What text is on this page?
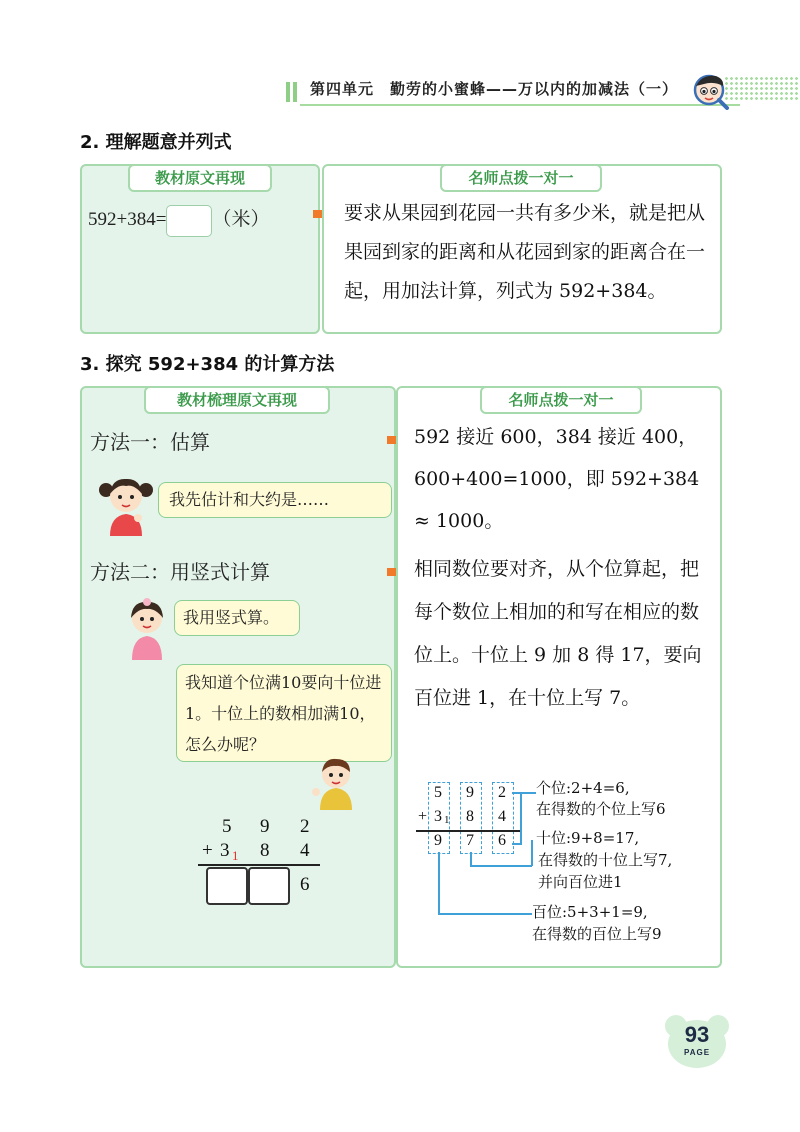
第四单元　勤劳的小蜜蜂——万以内的加减法（一）
2. 理解题意并列式
教材原文再现
592+384= （米）
名师点拨一对一
要求从果园到花园一共有多少米，就是把从果园到家的距离和从花园到家的距离合在一起，用加法计算，列式为 592+384。
3. 探究 592+384 的计算方法
教材梳理原文再现
方法一：估算
我先估计和大约是……
方法二：用竖式计算
我用竖式算。
我知道个位满10要向十位进1。十位上的数相加满10，怎么办呢？
5 9 2
+ 3 1 8 4
6
名师点拨一对一
592 接近 600，384 接近 400，600+400=1000，即 592+384 ≈ 1000。
相同数位要对齐，从个位算起，把每个数位上相加的和写在相应的数位上。十位上 9 加 8 得 17，要向百位进 1，在十位上写 7。
5 9 2
+ 3 1 8 4
9 7 6
个位:2+4=6,
在得数的个位上写6
十位:9+8=17,
在得数的十位上写7,
并向百位进1
百位:5+3+1=9,
在得数的百位上写9
93
PAGE
